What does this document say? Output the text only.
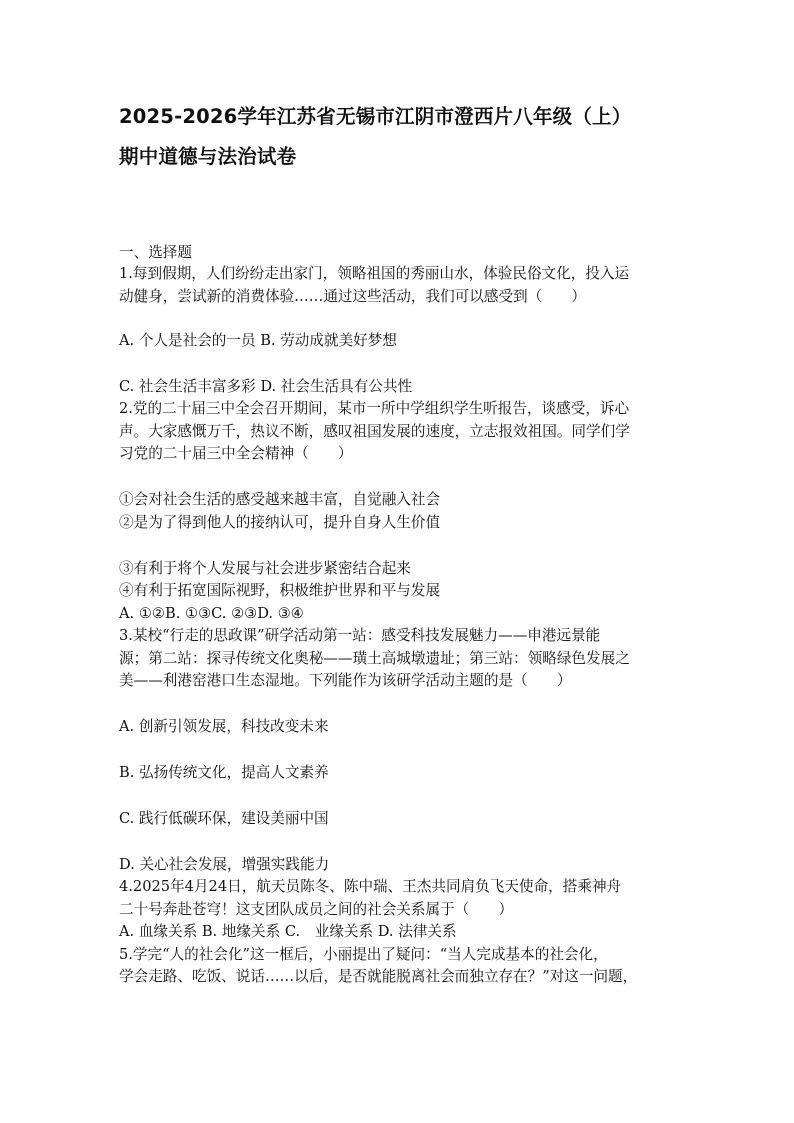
2025-2026学年江苏省无锡市江阴市澄西片八年级（上）
期中道德与法治试卷
一、选择题
1.每到假期，人们纷纷走出家门，领略祖国的秀丽山水，体验民俗文化，投入运
动健身，尝试新的消费体验……通过这些活动，我们可以感受到（　　）
A. 个人是社会的一员 B. 劳动成就美好梦想
C. 社会生活丰富多彩 D. 社会生活具有公共性
2.党的二十届三中全会召开期间，某市一所中学组织学生听报告，谈感受，诉心
声。大家感慨万千，热议不断，感叹祖国发展的速度，立志报效祖国。同学们学
习党的二十届三中全会精神（　　）
①会对社会生活的感受越来越丰富，自觉融入社会
②是为了得到他人的接纳认可，提升自身人生价值
③有利于将个人发展与社会进步紧密结合起来
④有利于拓宽国际视野，积极维护世界和平与发展
A. ①②B. ①③C. ②③D. ③④
3.某校“行走的思政课”研学活动第一站：感受科技发展魅力——申港远景能
源；第二站：探寻传统文化奥秘——璜土高城墩遗址；第三站：领略绿色发展之
美——利港窑港口生态湿地。下列能作为该研学活动主题的是（　　）
A. 创新引领发展，科技改变未来
B. 弘扬传统文化，提高人文素养
C. 践行低碳环保，建设美丽中国
D. 关心社会发展，增强实践能力
4.2025年4月24日，航天员陈冬、陈中瑞、王杰共同肩负飞天使命，搭乘神舟
二十号奔赴苍穹！这支团队成员之间的社会关系属于（　　）
A. 血缘关系 B. 地缘关系 C.　业缘关系 D. 法律关系
5.学完“人的社会化”这一框后，小丽提出了疑问：“当人完成基本的社会化，
学会走路、吃饭、说话……以后，是否就能脱离社会而独立存在？”对这一问题，
